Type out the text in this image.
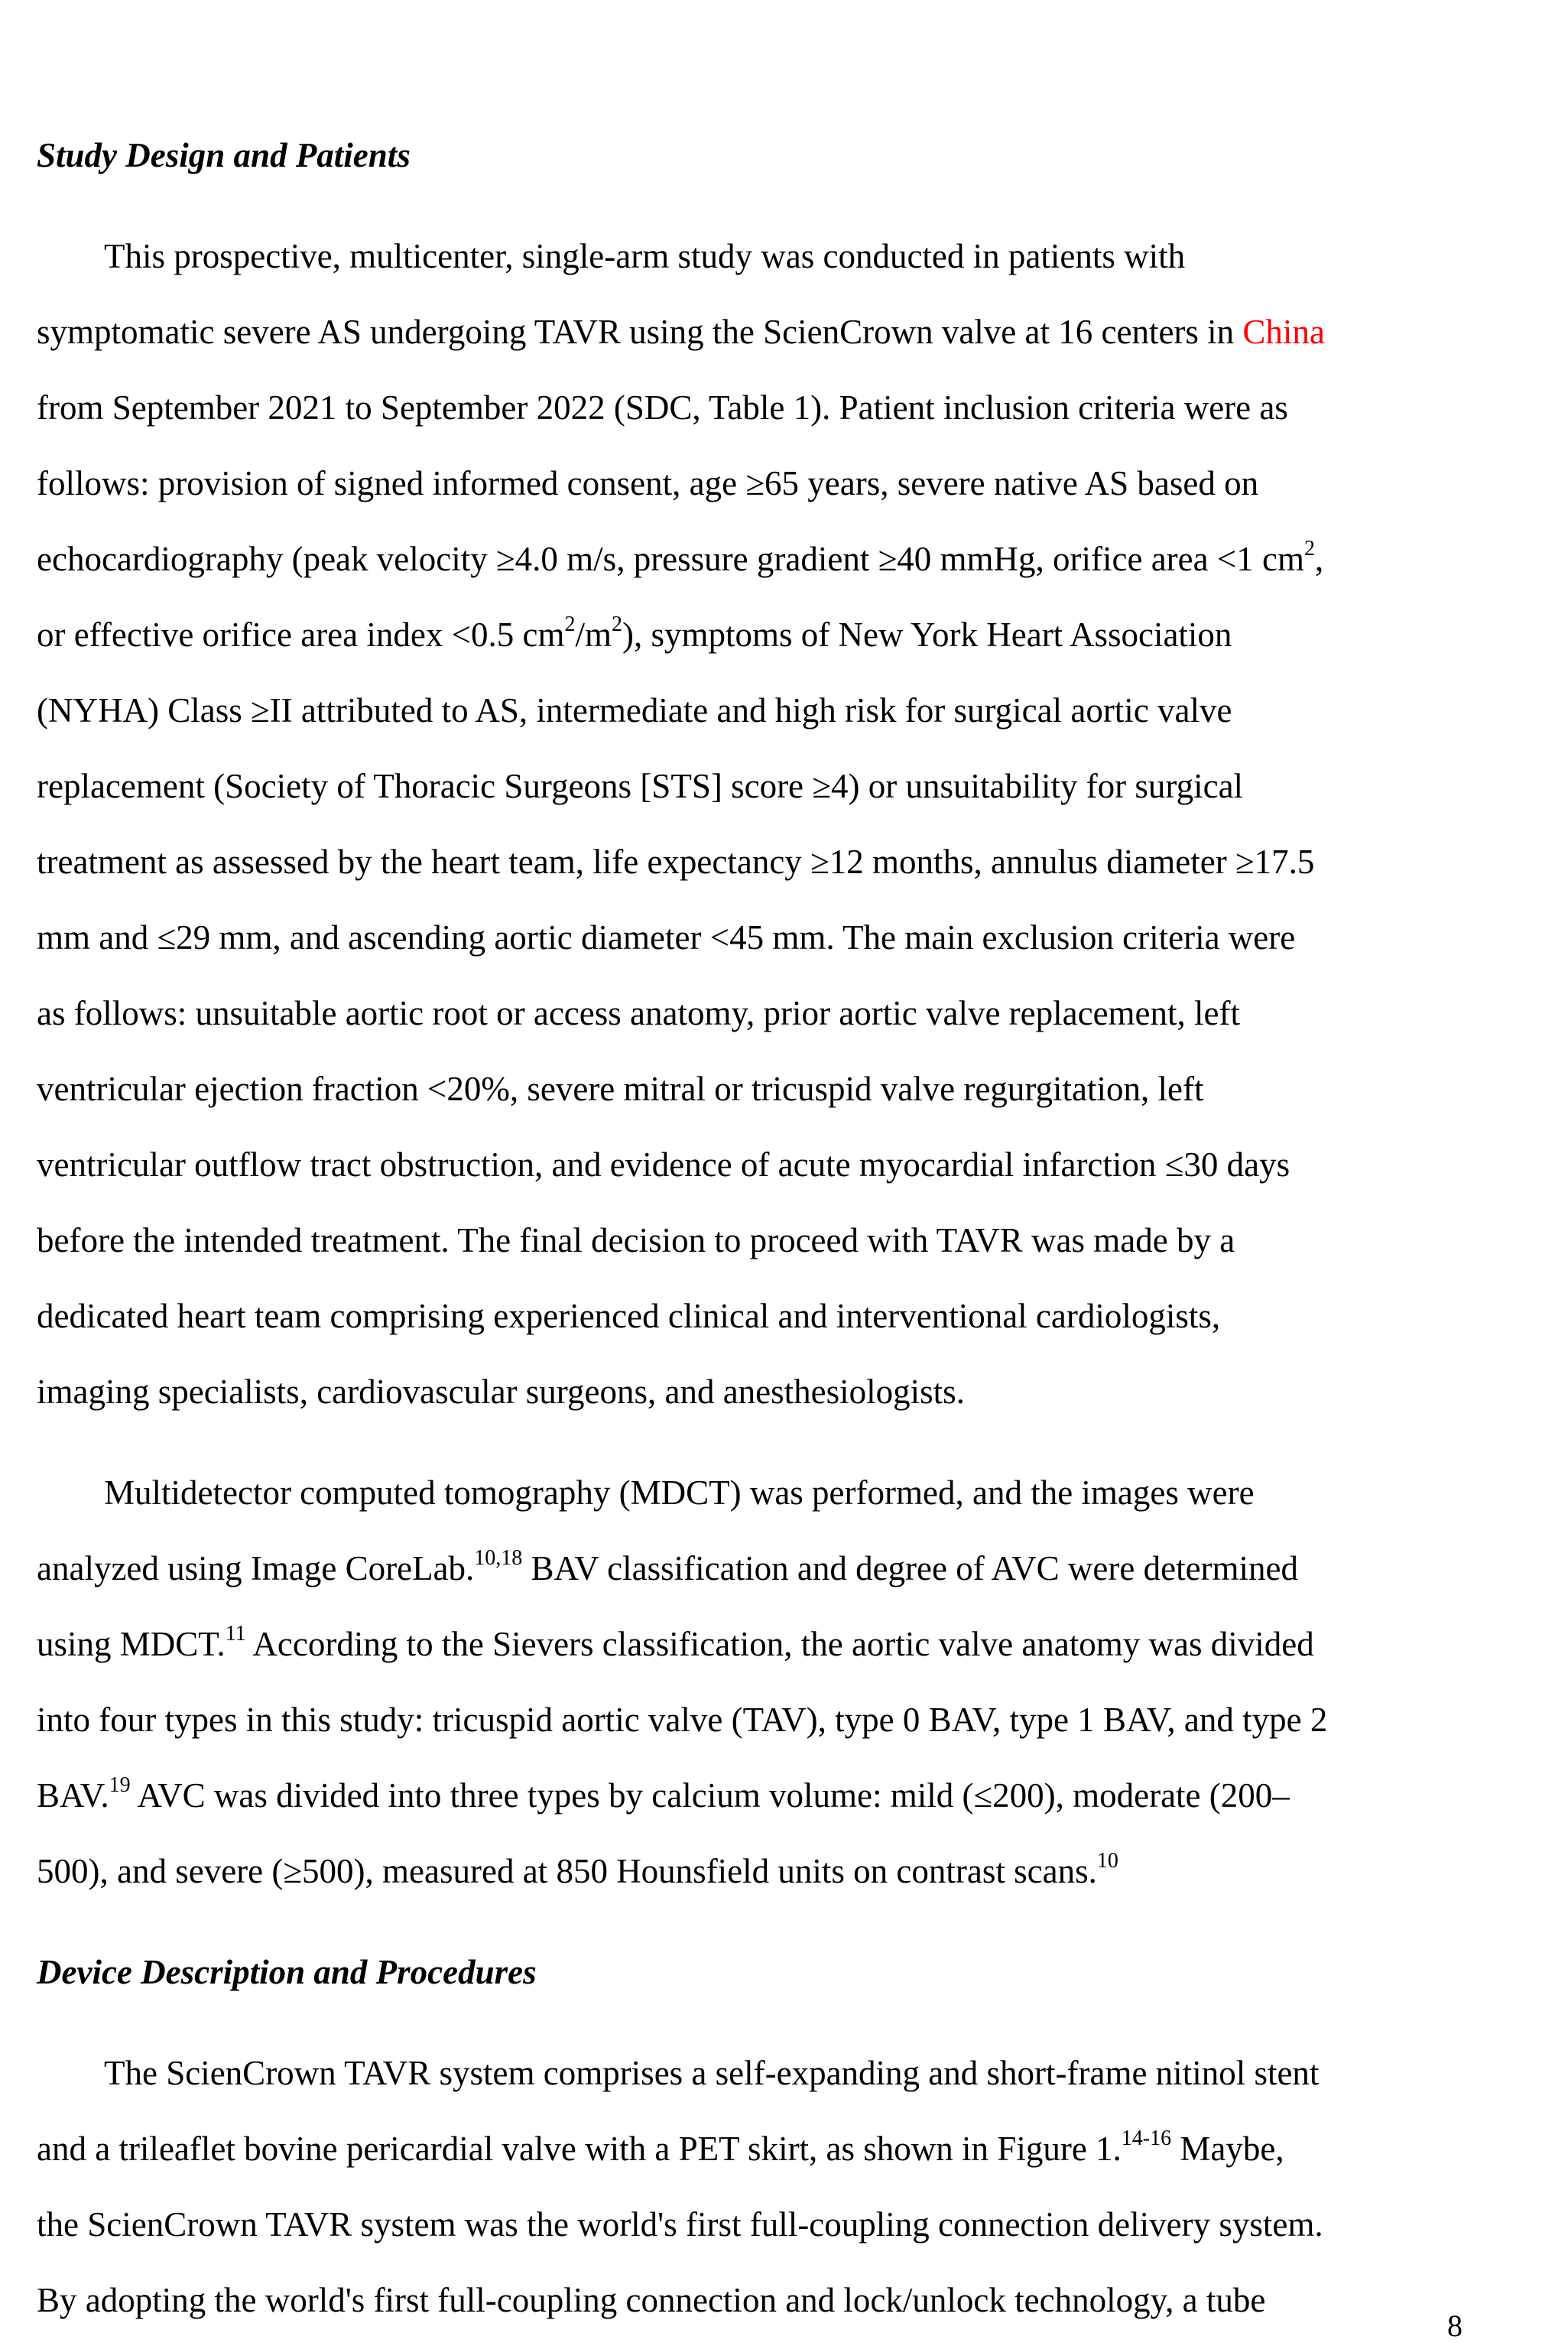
Study Design and Patients
This prospective, multicenter, single-arm study was conducted in patients with
symptomatic severe AS undergoing TAVR using the ScienCrown valve at 16 centers in China
from September 2021 to September 2022 (SDC, Table 1). Patient inclusion criteria were as
follows: provision of signed informed consent, age ≥65 years, severe native AS based on
echocardiography (peak velocity ≥4.0 m/s, pressure gradient ≥40 mmHg, orifice area <1 $cm^2$,
or effective orifice area index <0.5 $cm^2/m^2$), symptoms of New York Heart Association
(NYHA) Class ≥II attributed to AS, intermediate and high risk for surgical aortic valve
replacement (Society of Thoracic Surgeons [STS] score ≥4) or unsuitability for surgical
treatment as assessed by the heart team, life expectancy ≥12 months, annulus diameter ≥17.5
mm and ≤29 mm, and ascending aortic diameter <45 mm. The main exclusion criteria were
as follows: unsuitable aortic root or access anatomy, prior aortic valve replacement, left
ventricular ejection fraction <20%, severe mitral or tricuspid valve regurgitation, left
ventricular outflow tract obstruction, and evidence of acute myocardial infarction ≤30 days
before the intended treatment. The final decision to proceed with TAVR was made by a
dedicated heart team comprising experienced clinical and interventional cardiologists,
imaging specialists, cardiovascular surgeons, and anesthesiologists.
Multidetector computed tomography (MDCT) was performed, and the images were
analyzed using Image CoreLab.$^{10,18}$ BAV classification and degree of AVC were determined
using MDCT.$^{11}$ According to the Sievers classification, the aortic valve anatomy was divided
into four types in this study: tricuspid aortic valve (TAV), type 0 BAV, type 1 BAV, and type 2
BAV.$^{19}$ AVC was divided into three types by calcium volume: mild (≤200), moderate (200–
500), and severe (≥500), measured at 850 Hounsfield units on contrast scans.$^{10}$
Device Description and Procedures
The ScienCrown TAVR system comprises a self-expanding and short-frame nitinol stent
and a trileaflet bovine pericardial valve with a PET skirt, as shown in Figure 1.$^{14-16}$ Maybe,
the ScienCrown TAVR system was the world's first full-coupling connection delivery system.
By adopting the world's first full-coupling connection and lock/unlock technology, a tube
8
